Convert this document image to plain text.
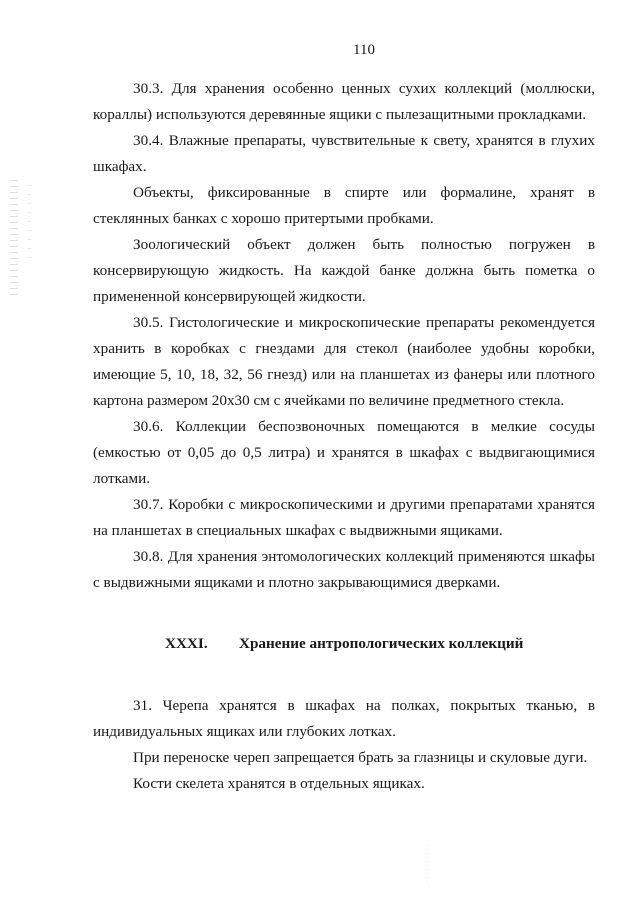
110

30.3. Для хранения особенно ценных сухих коллекций (моллюски, кораллы) используются деревянные ящики с пылезащитными прокладками.

30.4. Влажные препараты, чувствительные к свету, хранятся в глухих шкафах.

Объекты, фиксированные в спирте или формалине, хранят в стеклянных банках с хорошо притертыми пробками.

Зоологический объект должен быть полностью погружен в консервирующую жидкость. На каждой банке должна быть пометка о примененной консервирующей жидкости.

30.5. Гистологические и микроскопические препараты рекомендуется хранить в коробках с гнездами для стекол (наиболее удобны коробки, имеющие 5, 10, 18, 32, 56 гнезд) или на планшетах из фанеры или плотного картона размером 20х30 см с ячейками по величине предметного стекла.

30.6. Коллекции беспозвоночных помещаются в мелкие сосуды (емкостью от 0,05 до 0,5 литра) и хранятся в шкафах с выдвигающимися лотками.

30.7. Коробки с микроскопическими и другими препаратами хранятся на планшетах в специальных шкафах с выдвижными ящиками.

30.8. Для хранения энтомологических коллекций применяются шкафы с выдвижными ящиками и плотно закрывающимися дверками.

XXXI. Хранение антропологических коллекций

31. Черепа хранятся в шкафах на полках, покрытых тканью, в индивидуальных ящиках или глубоких лотках.

При переноске череп запрещается брать за глазницы и скуловые дуги.

Кости скелета хранятся в отдельных ящиках.
